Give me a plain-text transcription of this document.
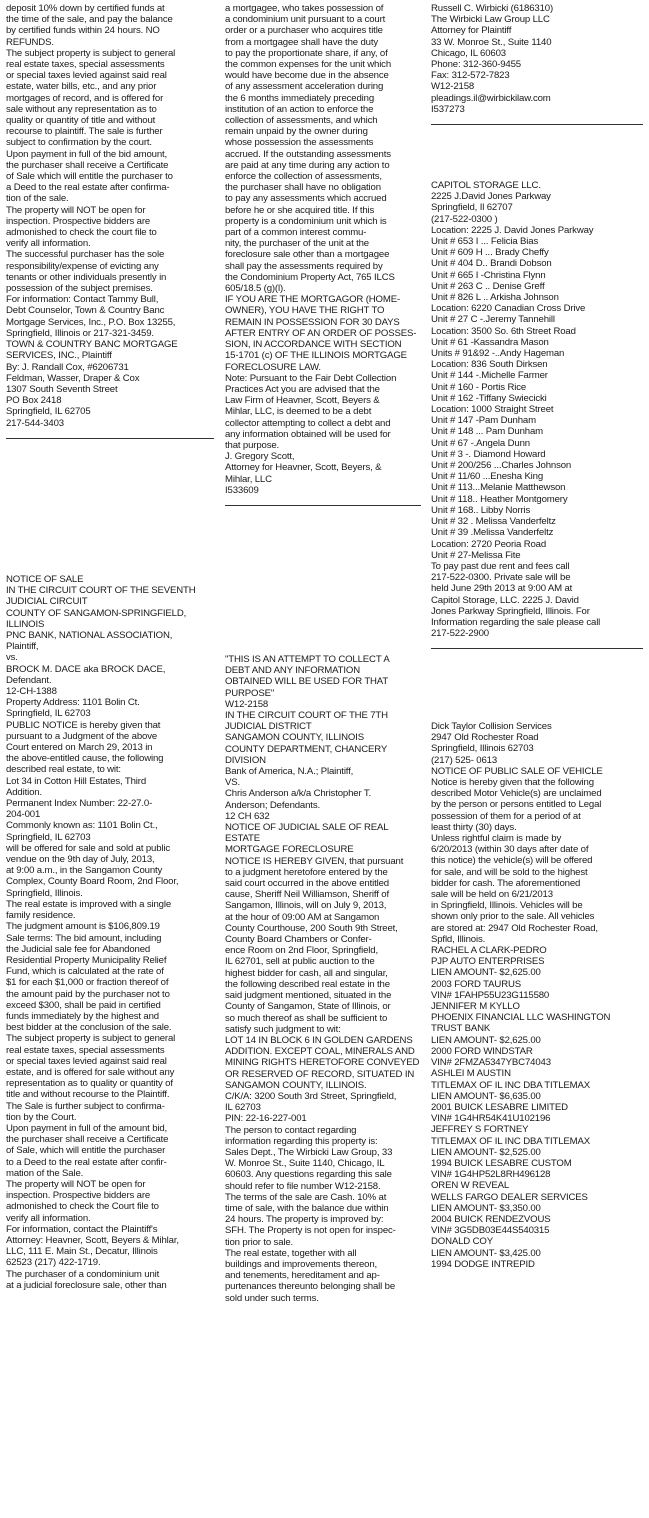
deposit 10% down by certified funds at
the time of the sale, and pay the balance
by certified funds within 24 hours. NO
REFUNDS.
The subject property is subject to general
real estate taxes, special assessments
or special taxes levied against said real
estate, water bills, etc., and any prior
mortgages of record, and is offered for
sale without any representation as to
quality or quantity of title and without
recourse to plaintiff. The sale is further
subject to confirmation by the court.
Upon payment in full of the bid amount,
the purchaser shall receive a Certificate
of Sale which will entitle the purchaser to
a Deed to the real estate after confirma-
tion of the sale.
The property will NOT be open for
inspection. Prospective bidders are
admonished to check the court file to
verify all information.
The successful purchaser has the sole
responsibility/expense of evicting any
tenants or other individuals presently in
possession of the subject premises.
For information: Contact Tammy Bull,
Debt Counselor, Town & Country Banc
Mortgage Services, Inc., P.O. Box 13255,
Springfield, Illinois or 217-321-3459.
TOWN & COUNTRY BANC MORTGAGE
SERVICES, INC., Plaintiff
By: J. Randall Cox, #6206731
Feldman, Wasser, Draper & Cox
1307 South Seventh Street
PO Box 2418
Springfield, IL 62705
217-544-3403
NOTICE OF SALE
IN THE CIRCUIT COURT OF THE SEVENTH
JUDICIAL CIRCUIT
COUNTY OF SANGAMON-SPRINGFIELD,
ILLINOIS
PNC BANK, NATIONAL ASSOCIATION,
Plaintiff,
vs.
BROCK M. DACE aka BROCK DACE,
Defendant.
12-CH-1388
Property Address: 1101 Bolin Ct.
Springfield, IL 62703
PUBLIC NOTICE is hereby given that
pursuant to a Judgment of the above
Court entered on March 29, 2013 in
the above-entitled cause, the following
described real estate, to wit:
Lot 34 in Cotton Hill Estates, Third
Addition.
Permanent Index Number: 22-27.0-
204-001
Commonly known as: 1101 Bolin Ct.,
Springfield, IL 62703
will be offered for sale and sold at public
vendue on the 9th day of July, 2013,
at 9:00 a.m., in the Sangamon County
Complex, County Board Room, 2nd Floor,
Springfield, Illinois.
The real estate is improved with a single
family residence.
The judgment amount is $106,809.19
Sale terms: The bid amount, including
the Judicial sale fee for Abandoned
Residential Property Municipality Relief
Fund, which is calculated at the rate of
$1 for each $1,000 or fraction thereof of
the amount paid by the purchaser not to
exceed $300, shall be paid in certified
funds immediately by the highest and
best bidder at the conclusion of the sale.
The subject property is subject to general
real estate taxes, special assessments
or special taxes levied against said real
estate, and is offered for sale without any
representation as to quality or quantity of
title and without recourse to the Plaintiff.
The Sale is further subject to confirma-
tion by the Court.
Upon payment in full of the amount bid,
the purchaser shall receive a Certificate
of Sale, which will entitle the purchaser
to a Deed to the real estate after confir-
mation of the Sale.
The property will NOT be open for
inspection. Prospective bidders are
admonished to check the Court file to
verify all information.
For information, contact the Plaintiff's
Attorney: Heavner, Scott, Beyers & Mihlar,
LLC, 111 E. Main St., Decatur, Illinois
62523 (217) 422-1719.
The purchaser of a condominium unit
at a judicial foreclosure sale, other than
a mortgagee, who takes possession of
a condominium unit pursuant to a court
order or a purchaser who acquires title
from a mortgagee shall have the duty
to pay the proportionate share, if any, of
the common expenses for the unit which
would have become due in the absence
of any assessment acceleration during
the 6 months immediately preceding
institution of an action to enforce the
collection of assessments, and which
remain unpaid by the owner during
whose possession the assessments
accrued. If the outstanding assessments
are paid at any time during any action to
enforce the collection of assessments,
the purchaser shall have no obligation
to pay any assessments which accrued
before he or she acquired title. If this
property is a condominium unit which is
part of a common interest commu-
nity, the purchaser of the unit at the
foreclosure sale other than a mortgagee
shall pay the assessments required by
the Condominium Property Act, 765 ILCS
605/18.5 (g)(l).
IF YOU ARE THE MORTGAGOR (HOME-
OWNER), YOU HAVE THE RIGHT TO
REMAIN IN POSSESSION FOR 30 DAYS
AFTER ENTRY OF AN ORDER OF POSSES-
SION, IN ACCORDANCE WITH SECTION
15-1701 (c) OF THE ILLINOIS MORTGAGE
FORECLOSURE LAW.
Note: Pursuant to the Fair Debt Collection
Practices Act you are advised that the
Law Firm of Heavner, Scott, Beyers &
Mihlar, LLC, is deemed to be a debt
collector attempting to collect a debt and
any information obtained will be used for
that purpose.
J. Gregory Scott,
Attorney for Heavner, Scott, Beyers, &
Mihlar, LLC
I533609
"THIS IS AN ATTEMPT TO COLLECT A
DEBT AND ANY INFORMATION
OBTAINED WILL BE USED FOR THAT
PURPOSE"
W12-2158
IN THE CIRCUIT COURT OF THE 7TH
JUDICIAL DISTRICT
SANGAMON COUNTY, ILLINOIS
COUNTY DEPARTMENT, CHANCERY
DIVISION
Bank of America, N.A.; Plaintiff,
VS.
Chris Anderson a/k/a Christopher T.
Anderson; Defendants.
12 CH 632
NOTICE OF JUDICIAL SALE OF REAL
ESTATE
MORTGAGE FORECLOSURE
NOTICE IS HEREBY GIVEN, that pursuant
to a judgment heretofore entered by the
said court occurred in the above entitled
cause, Sheriff Neil Williamson, Sheriff of
Sangamon, Illinois, will on July 9, 2013,
at the hour of 09:00 AM at Sangamon
County Courthouse, 200 South 9th Street,
County Board Chambers or Confer-
ence Room on 2nd Floor, Springfield,
IL 62701, sell at public auction to the
highest bidder for cash, all and singular,
the following described real estate in the
said judgment mentioned, situated in the
County of Sangamon, State of Illinois, or
so much thereof as shall be sufficient to
satisfy such judgment to wit:
LOT 14 IN BLOCK 6 IN GOLDEN GARDENS
ADDITION. EXCEPT COAL, MINERALS AND
MINING RIGHTS HERETOFORE CONVEYED
OR RESERVED OF RECORD, SITUATED IN
SANGAMON COUNTY, ILLINOIS.
C/K/A: 3200 South 3rd Street, Springfield,
IL 62703
PIN: 22-16-227-001
The person to contact regarding
information regarding this property is:
Sales Dept., The Wirbicki Law Group, 33
W. Monroe St., Suite 1140, Chicago, IL
60603. Any questions regarding this sale
should refer to file number W12-2158.
The terms of the sale are Cash. 10% at
time of sale, with the balance due within
24 hours. The property is improved by:
SFH. The Property is not open for inspec-
tion prior to sale.
The real estate, together with all
buildings and improvements thereon,
and tenements, hereditament and ap-
purtenances thereunto belonging shall be
sold under such terms.
Russell C. Wirbicki (6186310)
The Wirbicki Law Group LLC
Attorney for Plaintiff
33 W. Monroe St., Suite 1140
Chicago, IL 60603
Phone: 312-360-9455
Fax: 312-572-7823
W12-2158
pleadings.il@wirbickilaw.com
I537273
CAPITOL STORAGE LLC.
2225 J.David Jones Parkway
Springfield, Il 62707
(217-522-0300 )
Location: 2225 J. David Jones Parkway
Unit # 653 I ... Felicia Bias
Unit # 609 H ... Brady Cheffy
Unit # 404 D.. Brandi Dobson
Unit # 665 I -Christina Flynn
Unit # 263 C .. Denise Greff
Unit # 826 L .. Arkisha Johnson
Location: 6220 Canadian Cross Drive
Unit # 27 C -.Jeremy Tannehill
Location: 3500 So. 6th Street Road
Unit # 61 -Kassandra Mason
Units # 91&92 -..Andy Hageman
Location: 836 South Dirksen
Unit # 144 -.Michelle Farmer
Unit # 160 - Portis Rice
Unit # 162 -Tiffany Swiecicki
Location: 1000 Straight Street
Unit # 147 -Pam Dunham
Unit # 148 ... Pam Dunham
Unit # 67 -.Angela Dunn
Unit # 3 -. Diamond Howard
Unit # 200/256 ...Charles Johnson
Unit # 11/60 ...Enesha King
Unit # 113...Melanie Matthewson
Unit # 118.. Heather Montgomery
Unit # 168.. Libby Norris
Unit # 32 . Melissa Vanderfeltz
Unit # 39 .Melissa Vanderfeltz
Location: 2720 Peoria Road
Unit # 27-Melissa Fite
To pay past due rent and fees call
217-522-0300. Private sale will be
held June 29th 2013 at 9:00 AM at
Capitol Storage, LLC. 2225 J. David
Jones Parkway Springfield, Illinois. For
Information regarding the sale please call
217-522-2900
Dick Taylor Collision Services
2947 Old Rochester Road
Springfield, Illinois 62703
(217) 525- 0613
NOTICE OF PUBLIC SALE OF VEHICLE
Notice is hereby given that the following
described Motor Vehicle(s) are unclaimed
by the person or persons entitled to Legal
possession of them for a period of at
least thirty (30) days.
Unless rightful claim is made by
6/20/2013 (within 30 days after date of
this notice) the vehicle(s) will be offered
for sale, and will be sold to the highest
bidder for cash. The aforementioned
sale will be held on 6/21/2013
in Springfield, Illinois. Vehicles will be
shown only prior to the sale. All vehicles
are stored at: 2947 Old Rochester Road,
Spfld, Illinois.
RACHEL A CLARK-PEDRO
PJP AUTO ENTERPRISES
LIEN AMOUNT- $2,625.00
2003 FORD TAURUS
VIN# 1FAHP55U23G115580
JENNIFER M KYLLO
PHOENIX FINANCIAL LLC WASHINGTON
TRUST BANK
LIEN AMOUNT- $2,625.00
2000 FORD WINDSTAR
VIN# 2FMZA5347YBC74043
ASHLEI M AUSTIN
TITLEMAX OF IL INC DBA TITLEMAX
LIEN AMOUNT- $6,635.00
2001 BUICK LESABRE LIMITED
VIN# 1G4HR54K41U102196
JEFFREY S FORTNEY
TITLEMAX OF IL INC DBA TITLEMAX
LIEN AMOUNT- $2,525.00
1994 BUICK LESABRE CUSTOM
VIN# 1G4HP52L8RH496128
OREN W REVEAL
WELLS FARGO DEALER SERVICES
LIEN AMOUNT- $3,350.00
2004 BUICK RENDEZVOUS
VIN# 3G5DB03E44S540315
DONALD COY
LIEN AMOUNT- $3,425.00
1994 DODGE INTREPID
